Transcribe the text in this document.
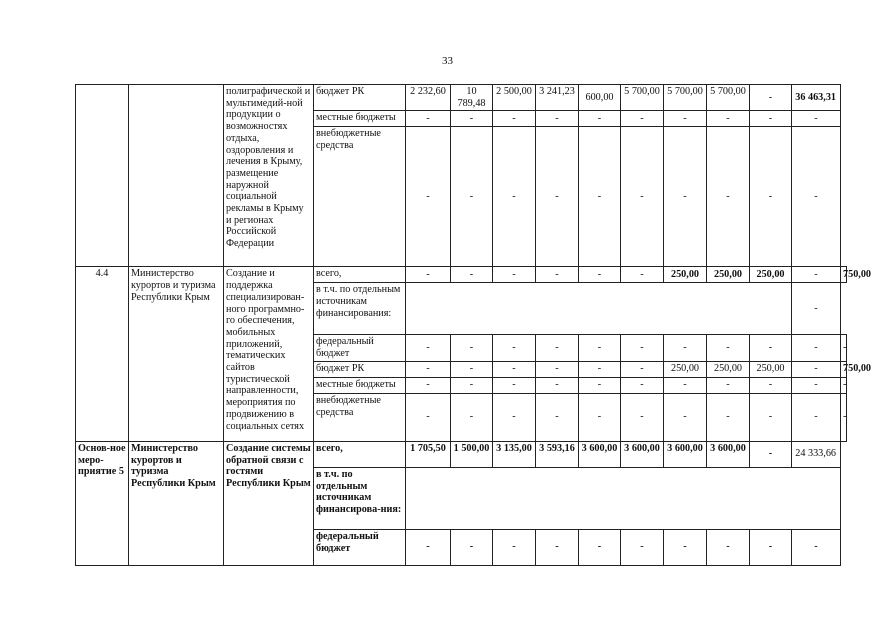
33
		полиграфической и мультимедий-ной продукции о возможностях отдыха, оздоровления и лечения в Крыму, размещение наружной социальной рекламы в Крыму и регионах Российской Федерации	бюджет РК	2 232,60	10 789,48	2 500,00	3 241,23	600,00	5 700,00	5 700,00	5 700,00	-	36 463,31	
			местные бюджеты	-	-	-	-	-	-	-	-	-	-	
			внебюджетные средства	-	-	-	-	-	-	-	-	-	-	
4.4	Министерство курортов и туризма Республики Крым	Создание и поддержка специализирован-ного программно-го обеспечения, мобильных приложений, тематических сайтов туристической направленности, мероприятия по продвижению в социальных сетях	всего,	-	-	-	-	-	-	250,00	250,00	250,00	-	750,00
			в т.ч. по отдельным источникам финансирования:										-	
			федеральный бюджет	-	-	-	-	-	-	-	-	-	-	-
			бюджет РК	-	-	-	-	-	-	250,00	250,00	250,00	-	750,00
			местные бюджеты	-	-	-	-	-	-	-	-	-	-	-
			внебюджетные средства	-	-	-	-	-	-	-	-	-	-	-
Основ-ное меро-приятие 5	Министерство курортов и туризма Республики Крым	Создание системы обратной связи с гостями Республики Крым	всего,	1 705,50	1 500,00	3 135,00	3 593,16	3 600,00	3 600,00	3 600,00	3 600,00	-	24 333,66	
			в т.ч. по отдельным источникам финансирова-ния:											
			федеральный бюджет	-	-	-	-	-	-	-	-	-	-	
